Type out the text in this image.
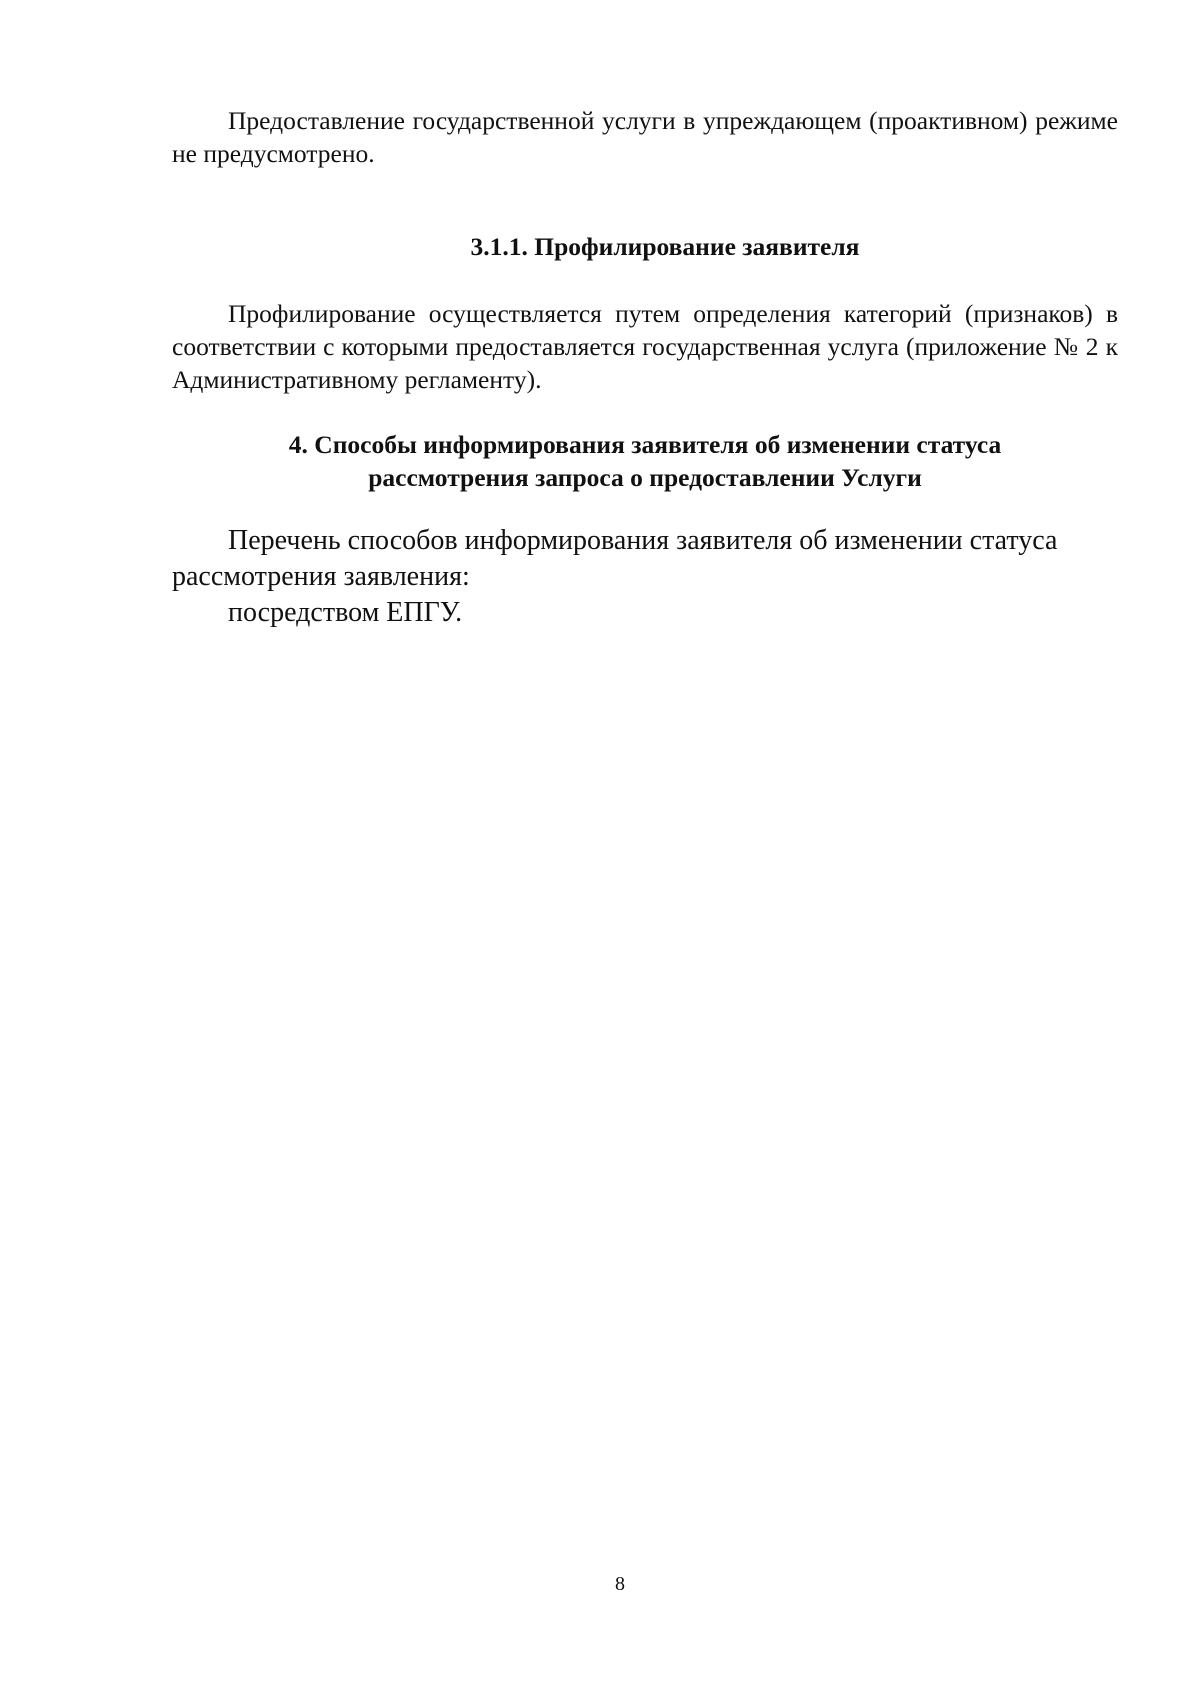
Предоставление государственной услуги в упреждающем (проактивном) режиме не предусмотрено.

3.1.1. Профилирование заявителя

Профилирование осуществляется путем определения категорий (признаков) в соответствии с которыми предоставляется государственная услуга (приложение № 2 к Административному регламенту).

4. Способы информирования заявителя об изменении статуса
рассмотрения запроса о предоставлении Услуги

Перечень способов информирования заявителя об изменении статуса рассмотрения заявления:

посредством ЕПГУ.

8
